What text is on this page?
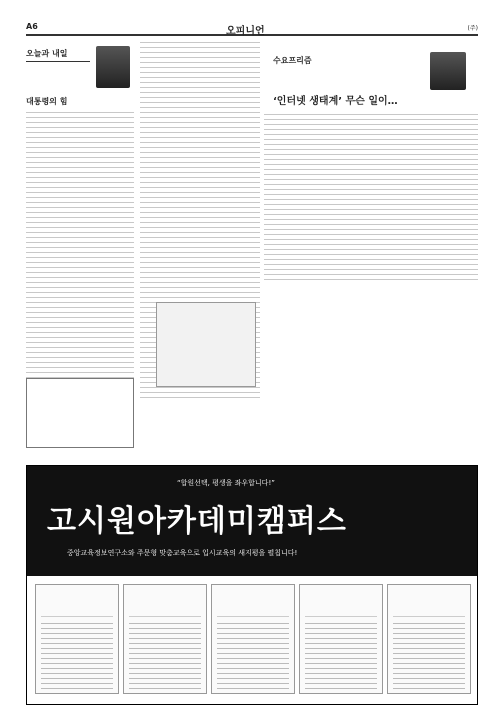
A6	오피니언	(주)
오늘과 내일
대통령의 힘
수요프리즘
‘인터넷 생태계’ 무슨 일이…
“합원선택, 평생을 좌우합니다!”
고시원아카데미캠퍼스
중앙교육정보연구소와 주문형 맞춤교육으로 입시교육의 새지평을 펼칩니다!
